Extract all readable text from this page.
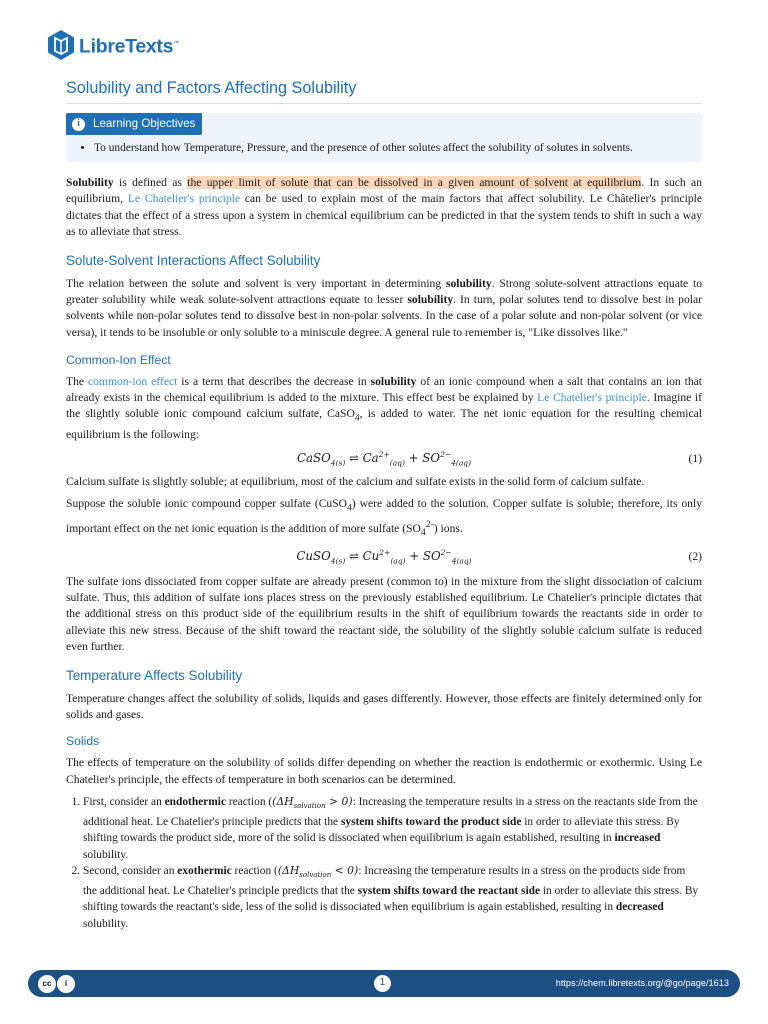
LibreTexts™
Solubility and Factors Affecting Solubility
i	Learning Objectives
• To understand how Temperature, Pressure, and the presence of other solutes affect the solubility of solutes in solvents.

Solubility is defined as the upper limit of solute that can be dissolved in a given amount of solvent at equilibrium. In such an equilibrium, Le Chatelier's principle can be used to explain most of the main factors that affect solubility. Le Châtelier's principle dictates that the effect of a stress upon a system in chemical equilibrium can be predicted in that the system tends to shift in such a way as to alleviate that stress.

Solute-Solvent Interactions Affect Solubility

The relation between the solute and solvent is very important in determining solubility. Strong solute-solvent attractions equate to greater solubility while weak solute-solvent attractions equate to lesser solubility. In turn, polar solutes tend to dissolve best in polar solvents while non-polar solutes tend to dissolve best in non-polar solvents. In the case of a polar solute and non-polar solvent (or vice versa), it tends to be insoluble or only soluble to a miniscule degree. A general rule to remember is, "Like dissolves like."

Common-Ion Effect

The common-ion effect is a term that describes the decrease in solubility of an ionic compound when a salt that contains an ion that already exists in the chemical equilibrium is added to the mixture. This effect best be explained by Le Chatelier's principle. Imagine if the slightly soluble ionic compound calcium sulfate, CaSO$_4$, is added to water. The net ionic equation for the resulting chemical equilibrium is the following:

CaSO$_{4(s)}$ ⇌ $Ca^{2+}_{(aq)} + SO^{2-}_{4(aq)}$	(1)

Calcium sulfate is slightly soluble; at equilibrium, most of the calcium and sulfate exists in the solid form of calcium sulfate.

Suppose the soluble ionic compound copper sulfate (CuSO$_4$) were added to the solution. Copper sulfate is soluble; therefore, its only important effect on the net ionic equation is the addition of more sulfate $(SO_4^{2-})$ ions.

CuSO$_{4(s)}$ ⇌ $Cu^{2+}_{(aq)} + SO^{2-}_{4(aq)}$	(2)

The sulfate ions dissociated from copper sulfate are already present (common to) in the mixture from the slight dissociation of calcium sulfate. Thus, this addition of sulfate ions places stress on the previously established equilibrium. Le Chatelier's principle dictates that the additional stress on this product side of the equilibrium results in the shift of equilibrium towards the reactants side in order to alleviate this new stress. Because of the shift toward the reactant side, the solubility of the slightly soluble calcium sulfate is reduced even further.

Temperature Affects Solubility

Temperature changes affect the solubility of solids, liquids and gases differently. However, those effects are finitely determined only for solids and gases.

Solids

The effects of temperature on the solubility of solids differ depending on whether the reaction is endothermic or exothermic. Using Le Chatelier's principle, the effects of temperature in both scenarios can be determined.

1. First, consider an endothermic reaction ($(\Delta H_{solvation} > 0)$: Increasing the temperature results in a stress on the reactants side from the additional heat. Le Chatelier's principle predicts that the system shifts toward the product side in order to alleviate this stress. By shifting towards the product side, more of the solid is dissociated when equilibrium is again established, resulting in increased solubility.
2. Second, consider an exothermic reaction ($(\Delta H_{solvation} < 0)$: Increasing the temperature results in a stress on the products side from the additional heat. Le Chatelier's principle predicts that the system shifts toward the reactant side in order to alleviate this stress. By shifting towards the reactant's side, less of the solid is dissociated when equilibrium is again established, resulting in decreased solubility.
cc	i	1	https://chem.libretexts.org/@go/page/1613
